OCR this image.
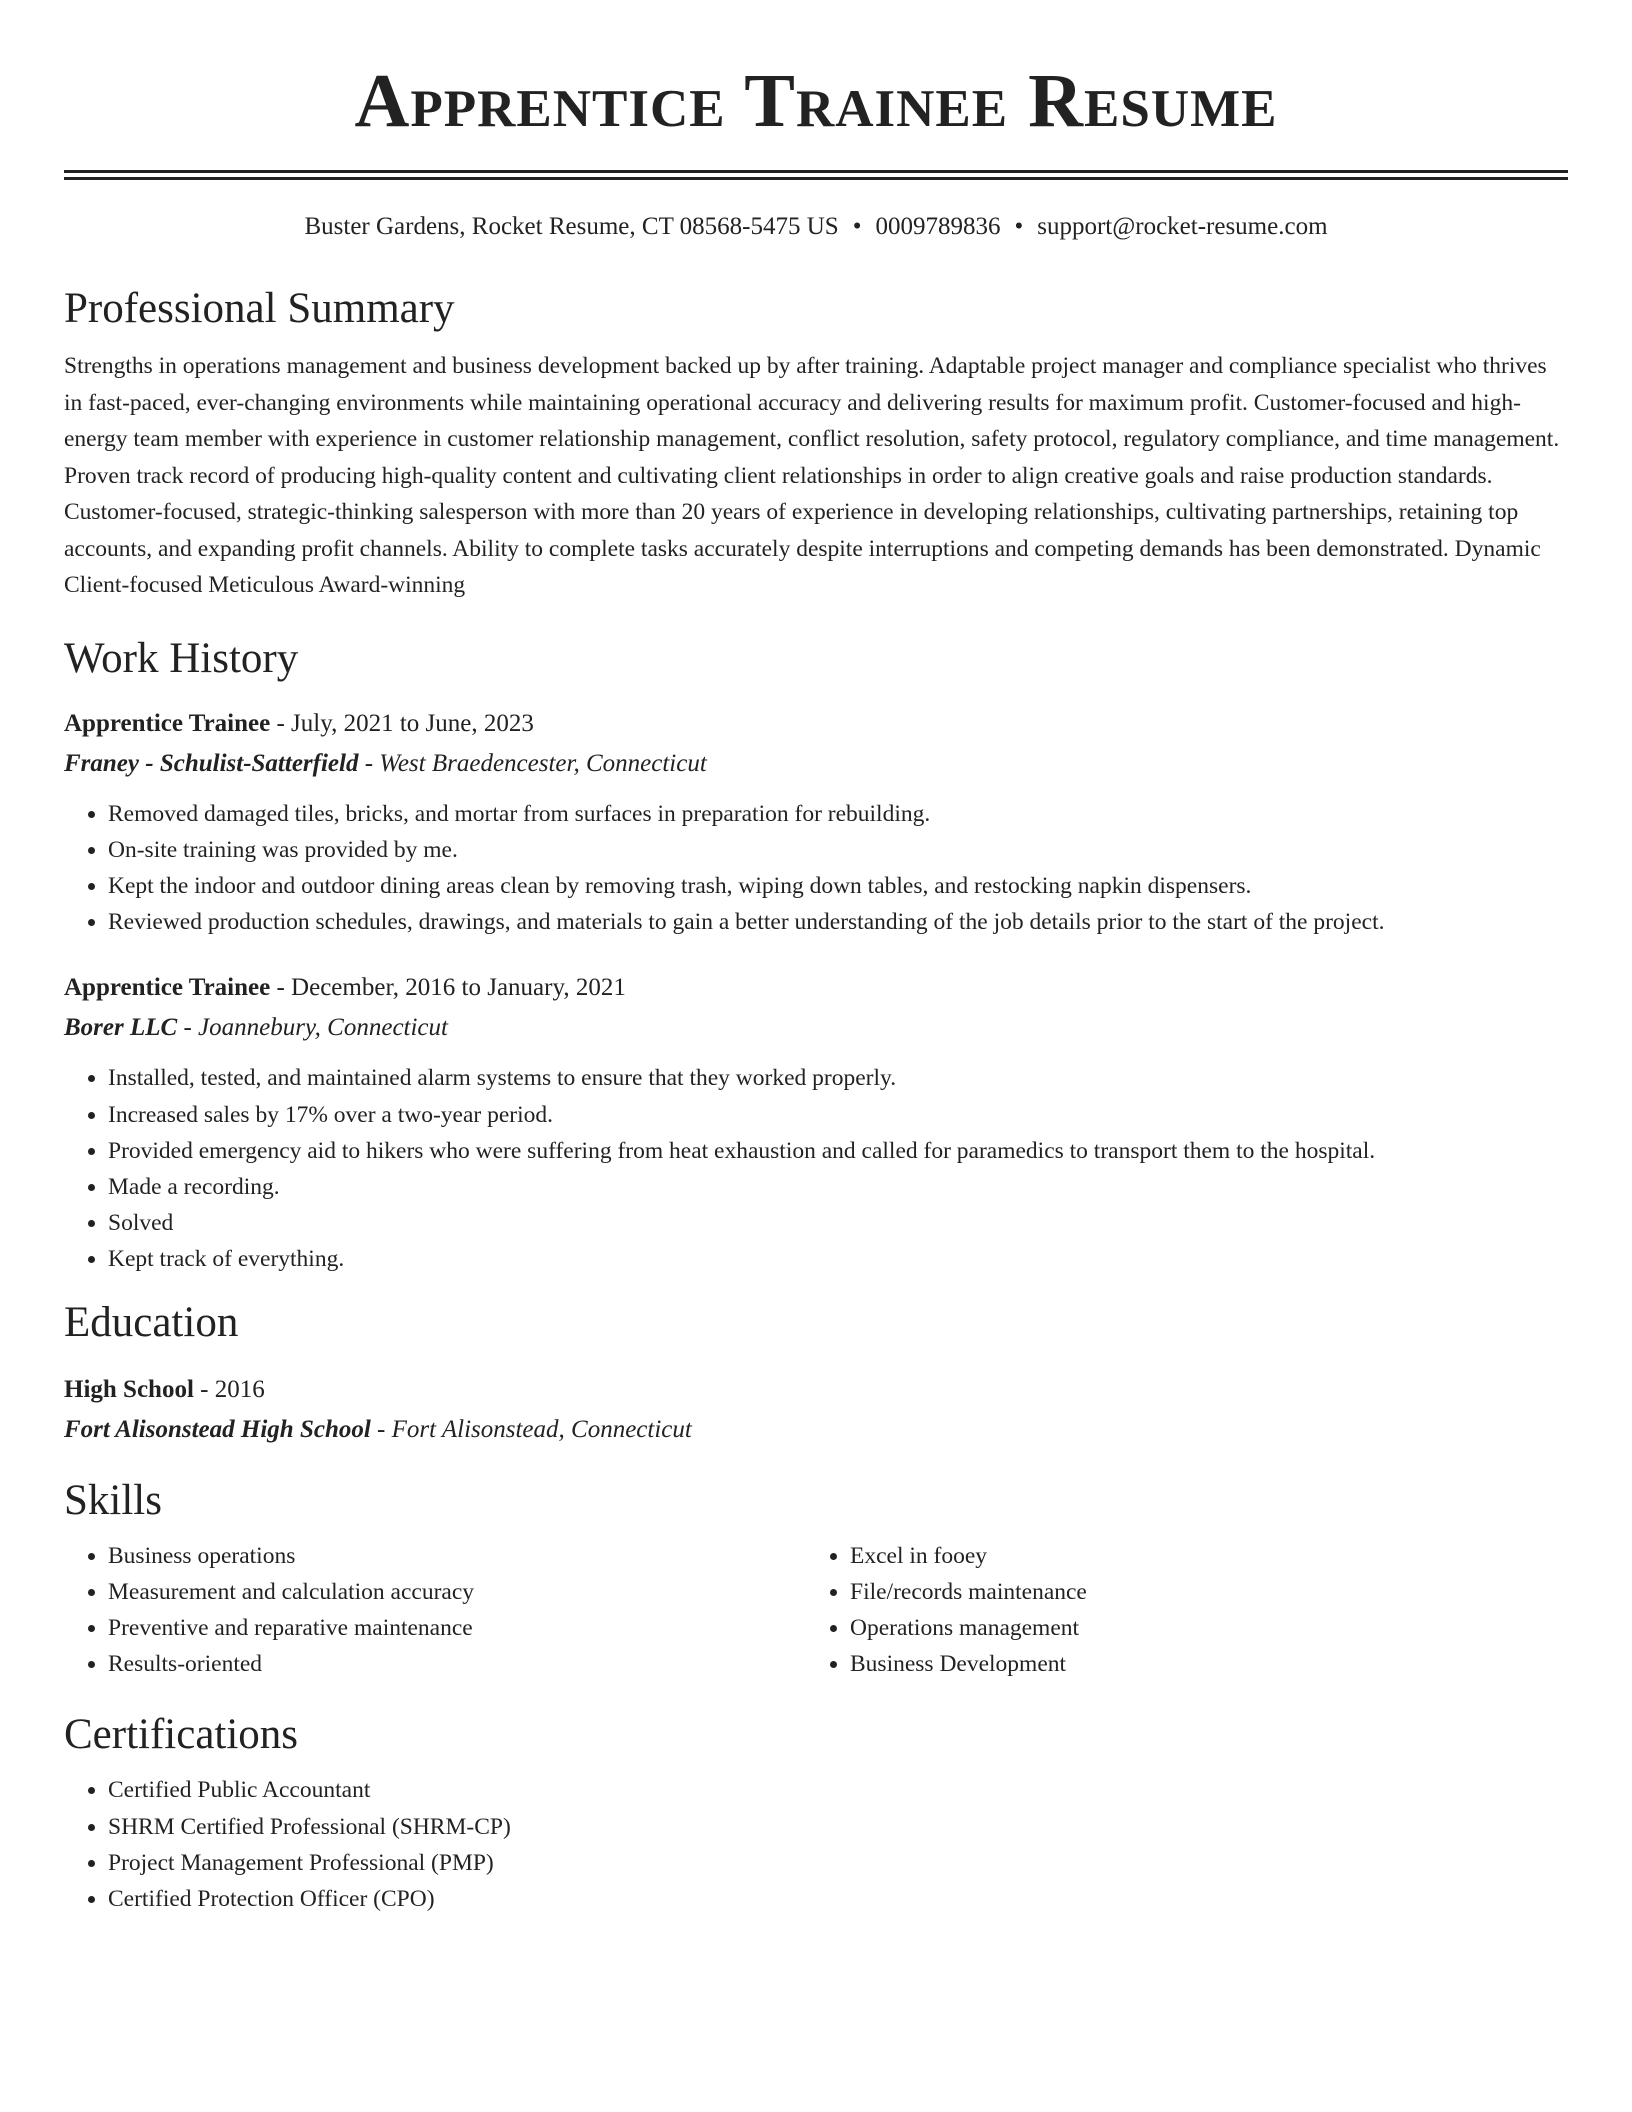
Apprentice Trainee Resume
Buster Gardens, Rocket Resume, CT 08568-5475 US • 0009789836 • support@rocket-resume.com
Professional Summary

Strengths in operations management and business development backed up by after training. Adaptable project manager and compliance specialist who thrives in fast-paced, ever-changing environments while maintaining operational accuracy and delivering results for maximum profit. Customer-focused and high-energy team member with experience in customer relationship management, conflict resolution, safety protocol, regulatory compliance, and time management. Proven track record of producing high-quality content and cultivating client relationships in order to align creative goals and raise production standards. Customer-focused, strategic-thinking salesperson with more than 20 years of experience in developing relationships, cultivating partnerships, retaining top accounts, and expanding profit channels. Ability to complete tasks accurately despite interruptions and competing demands has been demonstrated. Dynamic Client-focused Meticulous Award-winning

Work History
Apprentice Trainee - July, 2021 to June, 2023
Franey - Schulist-Satterfield - West Braedencester, Connecticut
• Removed damaged tiles, bricks, and mortar from surfaces in preparation for rebuilding.
• On-site training was provided by me.
• Kept the indoor and outdoor dining areas clean by removing trash, wiping down tables, and restocking napkin dispensers.
• Reviewed production schedules, drawings, and materials to gain a better understanding of the job details prior to the start of the project.
Apprentice Trainee - December, 2016 to January, 2021
Borer LLC - Joannebury, Connecticut
• Installed, tested, and maintained alarm systems to ensure that they worked properly.
• Increased sales by 17% over a two-year period.
• Provided emergency aid to hikers who were suffering from heat exhaustion and called for paramedics to transport them to the hospital.
• Made a recording.
• Solved
• Kept track of everything.
Education
High School - 2016
Fort Alisonstead High School - Fort Alisonstead, Connecticut
Skills
• Business operations
• Measurement and calculation accuracy
• Preventive and reparative maintenance
• Results-oriented
• Excel in fooey
• File/records maintenance
• Operations management
• Business Development
Certifications
• Certified Public Accountant
• SHRM Certified Professional (SHRM-CP)
• Project Management Professional (PMP)
• Certified Protection Officer (CPO)
